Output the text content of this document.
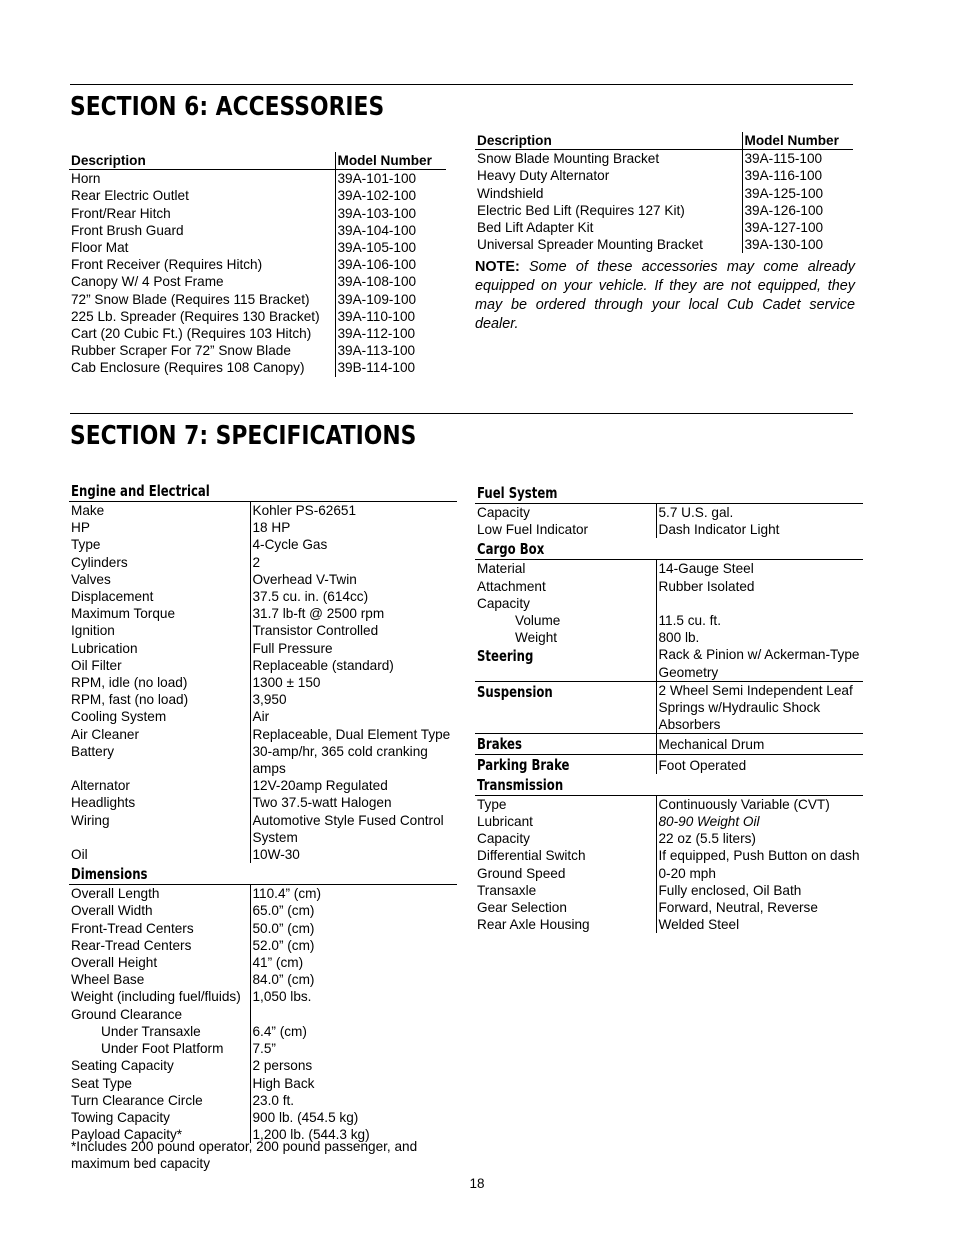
SECTION 6: ACCESSORIES
Description	Model Number
Horn	39A-101-100
Rear Electric Outlet	39A-102-100
Front/Rear Hitch	39A-103-100
Front Brush Guard	39A-104-100
Floor Mat	39A-105-100
Front Receiver (Requires Hitch)	39A-106-100
Canopy W/ 4 Post Frame	39A-108-100
72” Snow Blade (Requires 115 Bracket)	39A-109-100
225 Lb. Spreader (Requires 130 Bracket)	39A-110-100
Cart (20 Cubic Ft.) (Requires 103 Hitch)	39A-112-100
Rubber Scraper For 72” Snow Blade	39A-113-100
Cab Enclosure (Requires 108 Canopy)	39B-114-100
Description	Model Number
Snow Blade Mounting Bracket	39A-115-100
Heavy Duty Alternator	39A-116-100
Windshield	39A-125-100
Electric Bed Lift (Requires 127 Kit)	39A-126-100
Bed Lift Adapter Kit	39A-127-100
Universal Spreader Mounting Bracket	39A-130-100

NOTE: Some of these accessories may come already equipped on your vehicle. If they are not equipped, they may be ordered through your local Cub Cadet service dealer.

SECTION 7: SPECIFICATIONS
Engine and Electrical	
Make	Kohler PS-62651
HP	18 HP
Type	4-Cycle Gas
Cylinders	2
Valves	Overhead V-Twin
Displacement	37.5 cu. in. (614cc)
Maximum Torque	31.7 lb-ft @ 2500 rpm
Ignition	Transistor Controlled
Lubrication	Full Pressure
Oil Filter	Replaceable (standard)
RPM, idle (no load)	1300 ± 150
RPM, fast (no load)	3,950
Cooling System	Air
Air Cleaner	Replaceable, Dual Element Type
Battery	30-amp/hr, 365 cold cranking amps
Alternator	12V-20amp Regulated
Headlights	Two 37.5-watt Halogen
Wiring	Automotive Style Fused Control System
Oil	10W-30
Dimensions	
Overall Length	110.4” (cm)
Overall Width	65.0” (cm)
Front-Tread Centers	50.0” (cm)
Rear-Tread Centers	52.0” (cm)
Overall Height	41” (cm)
Wheel Base	84.0” (cm)
Weight (including fuel/fluids)	1,050 lbs.
Ground Clearance	
Under Transaxle	6.4” (cm)
Under Foot Platform	7.5”
Seating Capacity	2 persons
Seat Type	High Back
Turn Clearance Circle	23.0 ft.
Towing Capacity	900 lb. (454.5 kg)
Payload Capacity*	1,200 lb. (544.3 kg)

*Includes 200 pound operator, 200 pound passenger, and maximum bed capacity

Fuel System	
Capacity	5.7 U.S. gal.
Low Fuel Indicator	Dash Indicator Light
Cargo Box	
Material	14-Gauge Steel
Attachment	Rubber Isolated
Capacity	
Volume	11.5 cu. ft.
Weight	800 lb.
Steering	Rack & Pinion w/ Ackerman-Type Geometry
Suspension	2 Wheel Semi Independent Leaf Springs w/Hydraulic Shock Absorbers
Brakes	Mechanical Drum
Parking Brake	Foot Operated
Transmission	
Type	Continuously Variable (CVT)
Lubricant	80-90 Weight Oil
Capacity	22 oz (5.5 liters)
Differential Switch	If equipped, Push Button on dash
Ground Speed	0-20 mph
Transaxle	Fully enclosed, Oil Bath
Gear Selection	Forward, Neutral, Reverse
Rear Axle Housing	Welded Steel
18
